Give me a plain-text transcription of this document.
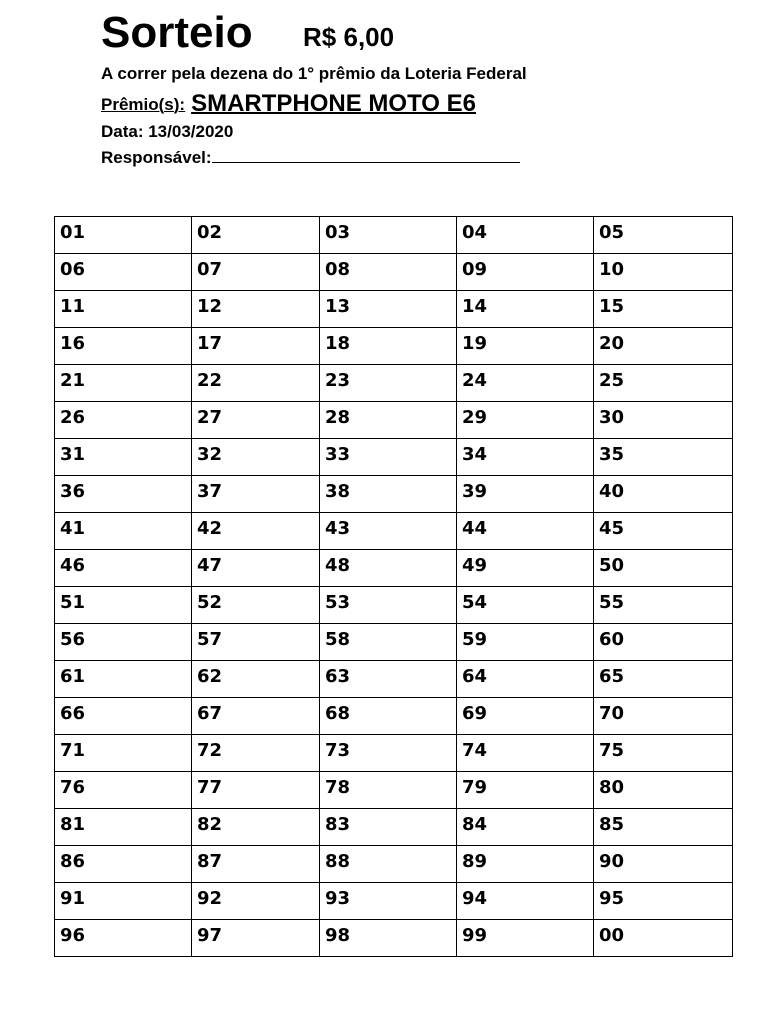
Sorteio R$ 6,00
A correr pela dezena do 1° prêmio da Loteria Federal
Prêmio(s): SMARTPHONE MOTO E6
Data: 13/03/2020
Responsável:
01	02	03	04	05
06	07	08	09	10
11	12	13	14	15
16	17	18	19	20
21	22	23	24	25
26	27	28	29	30
31	32	33	34	35
36	37	38	39	40
41	42	43	44	45
46	47	48	49	50
51	52	53	54	55
56	57	58	59	60
61	62	63	64	65
66	67	68	69	70
71	72	73	74	75
76	77	78	79	80
81	82	83	84	85
86	87	88	89	90
91	92	93	94	95
96	97	98	99	00
